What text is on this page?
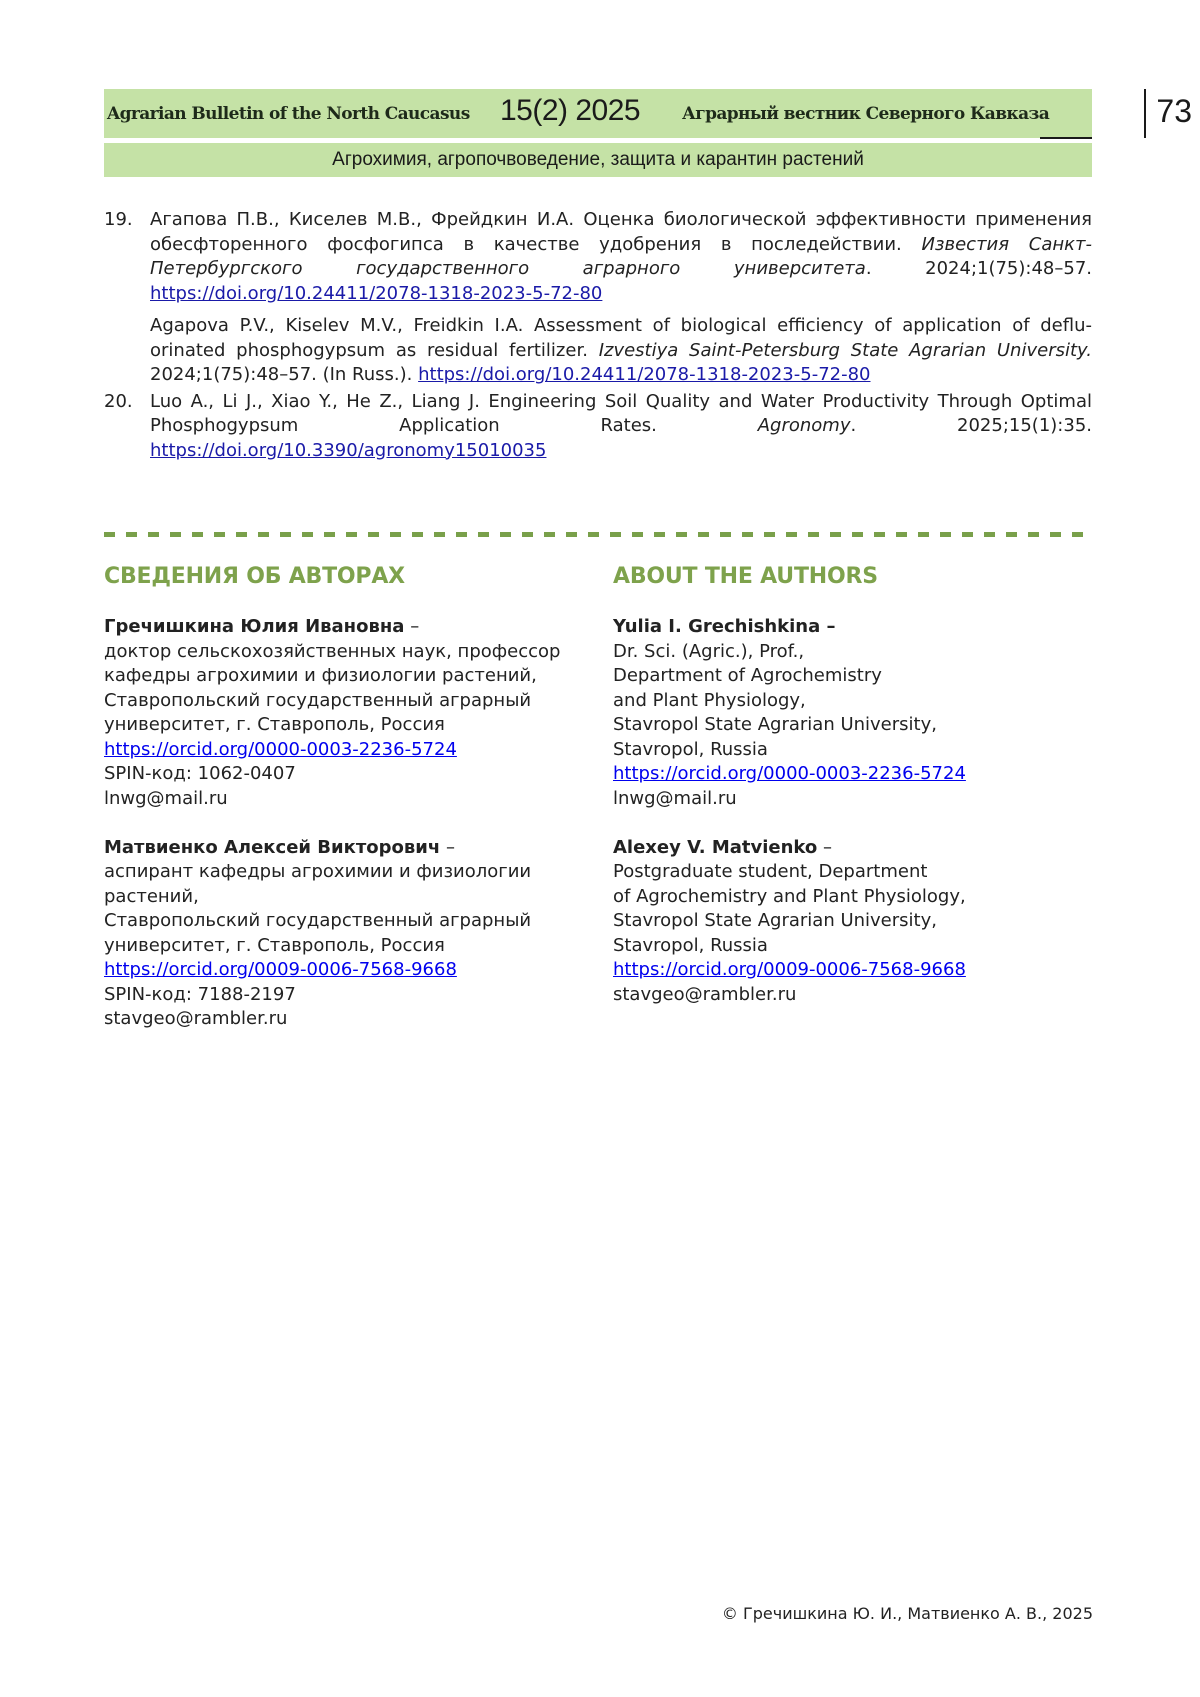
Agrarian Bulletin of the North Caucasus 15(2) 2025 Аграрный вестник Северного Кавказа	73
Агрохимия, агропочвоведение, защита и карантин растений
19. Агапова П.В., Киселев М.В., Фрейдкин И.А. Оценка биологической эффективности применения обесфторенного фосфогипса в качестве удобрения в последействии. Известия Санкт-Петербургского государственного аграрного университета. 2024;1(75):48–57. https://doi.org/10.24411/2078-1318-2023-5-72-80
Agapova P.V., Kiselev M.V., Freidkin I.A. Assessment of biological efficiency of application of defluorinated phosphogypsum as residual fertilizer. Izvestiya Saint-Petersburg State Agrarian University. 2024;1(75):48–57. (In Russ.). https://doi.org/10.24411/2078-1318-2023-5-72-80
20. Luo A., Li J., Xiao Y., He Z., Liang J. Engineering Soil Quality and Water Productivity Through Optimal Phosphogypsum Application Rates. Agronomy. 2025;15(1):35. https://doi.org/10.3390/agronomy15010035
СВЕДЕНИЯ ОБ АВТОРАХ
Гречишкина Юлия Ивановна –
доктор сельскохозяйственных наук, профессор
кафедры агрохимии и физиологии растений,
Ставропольский государственный аграрный
университет, г. Ставрополь, Россия
https://orcid.org/0000-0003-2236-5724
SPIN-код: 1062-0407
lnwg@mail.ru
Матвиенко Алексей Викторович –
аспирант кафедры агрохимии и физиологии
растений,
Ставропольский государственный аграрный
университет, г. Ставрополь, Россия
https://orcid.org/0009-0006-7568-9668
SPIN-код: 7188-2197
stavgeo@rambler.ru
ABOUT THE AUTHORS
Yulia I. Grechishkina –
Dr. Sci. (Agric.), Prof.,
Department of Agrochemistry
and Plant Physiology,
Stavropol State Agrarian University,
Stavropol, Russia
https://orcid.org/0000-0003-2236-5724
lnwg@mail.ru
Alexey V. Matvienko –
Postgraduate student, Department
of Agrochemistry and Plant Physiology,
Stavropol State Agrarian University,
Stavropol, Russia
https://orcid.org/0009-0006-7568-9668
stavgeo@rambler.ru
© Гречишкина Ю. И., Матвиенко А. В., 2025
